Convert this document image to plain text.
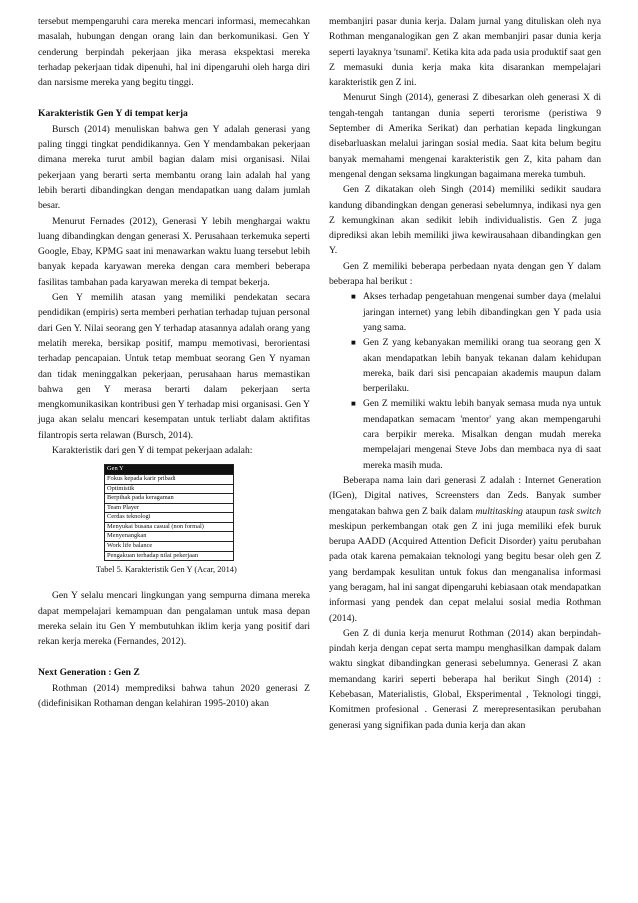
tersebut mempengaruhi cara mereka mencari informasi, memecahkan masalah, hubungan dengan orang lain dan berkomunikasi. Gen Y cenderung berpindah pekerjaan jika merasa ekspektasi mereka terhadap pekerjaan tidak dipenuhi, hal ini dipengaruhi oleh harga diri dan narsisme mereka yang begitu tinggi.

Karakteristik Gen Y di tempat kerja

Bursch (2014) menuliskan bahwa gen Y adalah generasi yang paling tinggi tingkat pendidikannya. Gen Y mendambakan pekerjaan dimana mereka turut ambil bagian dalam misi organisasi. Nilai pekerjaan yang berarti serta membantu orang lain adalah hal yang lebih berarti dibandingkan dengan mendapatkan uang dalam jumlah besar.

Menurut Fernades (2012), Generasi Y lebih menghargai waktu luang dibandingkan dengan generasi X. Perusahaan terkemuka seperti Google, Ebay, KPMG saat ini menawarkan waktu luang tersebut lebih banyak kepada karyawan mereka dengan cara memberi beberapa fasilitas tambahan pada karyawan mereka di tempat bekerja.

Gen Y memilih atasan yang memiliki pendekatan secara pendidikan (empiris) serta memberi perhatian terhadap tujuan personal dari Gen Y. Nilai seorang gen Y terhadap atasannya adalah orang yang melatih mereka, bersikap positif, mampu memotivasi, berorientasi terhadap pencapaian. Untuk tetap membuat seorang Gen Y nyaman dan tidak meninggalkan pekerjaan, perusahaan harus memastikan bahwa gen Y merasa berarti dalam pekerjaan serta mengkomunikasikan kontribusi gen Y terhadap misi organisasi. Gen Y juga akan selalu mencari kesempatan untuk terliabt dalam aktifitas filantropis serta relawan (Bursch, 2014).

Karakteristik dari gen Y di tempat pekerjaan adalah:

Gen Y
Fokus kepada karir pribadi
Optimistik
Berpihak pada keragaman
Team Player
Cerdas teknologi
Menyukai busana casual (non formal)
Menyenangkan
Work life balance
Pengakuan terhadap nilai pekerjaan

Tabel 5. Karakteristik Gen Y (Acar, 2014)

Gen Y selalu mencari lingkungan yang sempurna dimana mereka dapat mempelajari kemampuan dan pengalaman untuk masa depan mereka selain itu Gen Y membutuhkan iklim kerja yang positif dari rekan kerja mereka (Fernandes, 2012).

Next Generation : Gen Z

Rothman (2014) memprediksi bahwa tahun 2020 generasi Z (didefinisikan Rothaman dengan kelahiran 1995-2010) akan

membanjiri pasar dunia kerja. Dalam jurnal yang dituliskan oleh nya Rothman menganalogikan gen Z akan membanjiri pasar dunia kerja seperti layaknya 'tsunami'. Ketika kita ada pada usia produktif saat gen Z memasuki dunia kerja maka kita disarankan mempelajari karakteristik gen Z ini.

Menurut Singh (2014), generasi Z dibesarkan oleh generasi X di tengah-tengah tantangan dunia seperti terorisme (peristiwa 9 September di Amerika Serikat) dan perhatian kepada lingkungan disebarluaskan melalui jaringan sosial media. Saat kita belum begitu banyak memahami mengenai karakteristik gen Z, kita paham dan mengenal dengan seksama lingkungan bagaimana mereka tumbuh.

Gen Z dikatakan oleh Singh (2014) memiliki sedikit saudara kandung dibandingkan dengan generasi sebelumnya, indikasi nya gen Z kemungkinan akan sedikit lebih individualistis. Gen Z juga diprediksi akan lebih memiliki jiwa kewirausahaan dibandingkan gen Y.

Gen Z memiliki beberapa perbedaan nyata dengan gen Y dalam beberapa hal berikut :

■ Akses terhadap pengetahuan mengenai sumber daya (melalui jaringan internet) yang lebih dibandingkan gen Y pada usia yang sama.
■ Gen Z yang kebanyakan memiliki orang tua seorang gen X akan mendapatkan lebih banyak tekanan dalam kehidupan mereka, baik dari sisi pencapaian akademis maupun dalam berperilaku.
■ Gen Z memiliki waktu lebih banyak semasa muda nya untuk mendapatkan semacam 'mentor' yang akan mempengaruhi cara berpikir mereka. Misalkan dengan mudah mereka mempelajari mengenai Steve Jobs dan membaca nya di saat mereka masih muda.

Beberapa nama lain dari generasi Z adalah : Internet Generation (IGen), Digital natives, Screensters dan Zeds. Banyak sumber mengatakan bahwa gen Z baik dalam multitasking ataupun task switch meskipun perkembangan otak gen Z ini juga memiliki efek buruk berupa AADD (Acquired Attention Deficit Disorder) yaitu perubahan pada otak karena pemakaian teknologi yang begitu besar oleh gen Z yang berdampak kesulitan untuk fokus dan menganalisa informasi yang beragam, hal ini sangat dipengaruhi kebiasaan otak mendapatkan informasi yang pendek dan cepat melalui sosial media Rothman (2014).

Gen Z di dunia kerja menurut Rothman (2014) akan berpindah-pindah kerja dengan cepat serta mampu menghasilkan dampak dalam waktu singkat dibandingkan generasi sebelumnya. Generasi Z akan memandang kariri seperti beberapa hal berikut Singh (2014) : Kebebasan, Materialistis, Global, Eksperimental , Teknologi tinggi, Komitmen profesional . Generasi Z merepresentasikan perubahan generasi yang signifikan pada dunia kerja dan akan
